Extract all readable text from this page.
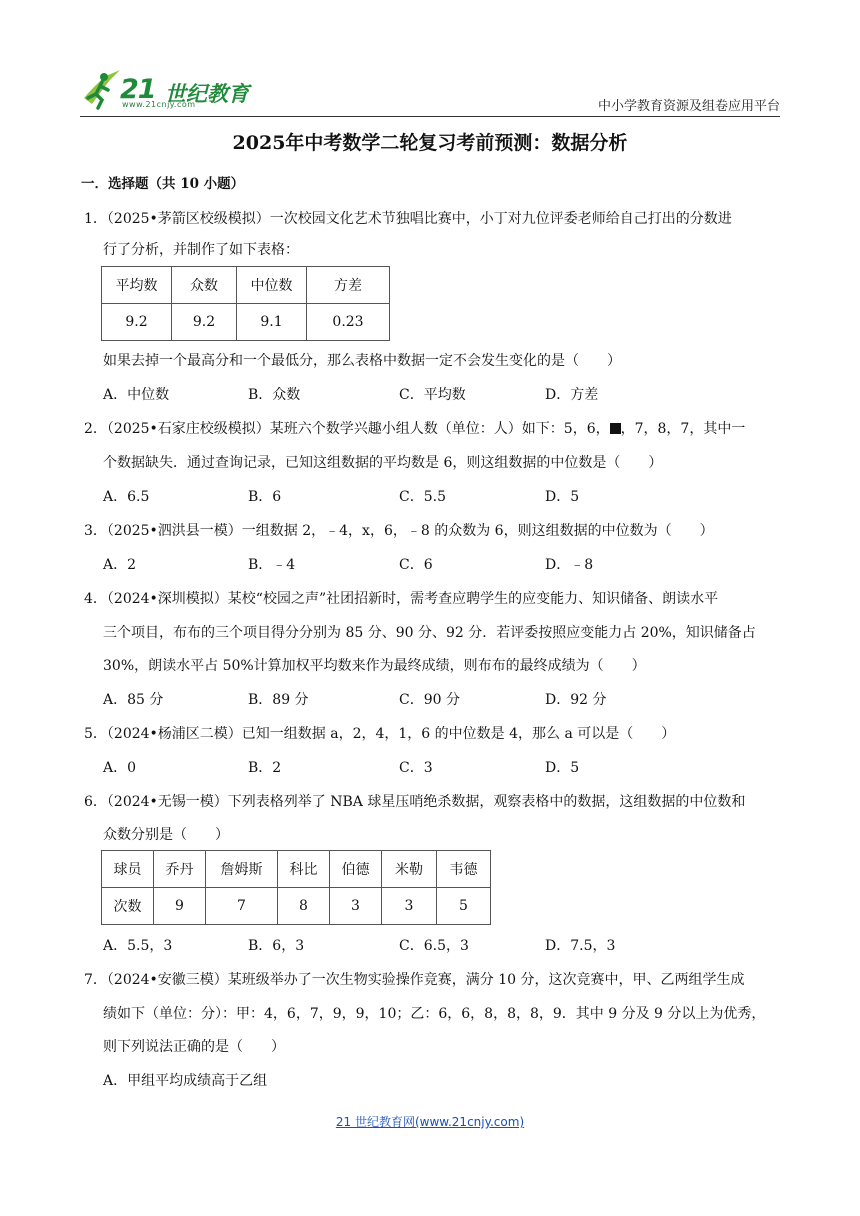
21 世纪教育
www.21cnjy.com	中小学教育资源及组卷应用平台
2025年中考数学二轮复习考前预测：数据分析
一．选择题（共 10 小题）
1．（2025•茅箭区校级模拟）一次校园文化艺术节独唱比赛中，小丁对九位评委老师给自己打出的分数进
行了分析，并制作了如下表格：
平均数	众数	中位数	方差
9.2	9.2	9.1	0.23
如果去掉一个最高分和一个最低分，那么表格中数据一定不会发生变化的是（　　）
A．中位数	B．众数	C．平均数	D．方差
2．（2025•石家庄校级模拟）某班六个数学兴趣小组人数（单位：人）如下：5，6， ，7，8，7，其中一
个数据缺失．通过查询记录，已知这组数据的平均数是 6，则这组数据的中位数是（　　）
A．6.5	B．6	C．5.5	D．5
3．（2025•泗洪县一模）一组数据 2，﹣4，x，6，﹣8 的众数为 6，则这组数据的中位数为（　　）
A．2	B．﹣4	C．6	D．﹣8
4．（2024•深圳模拟）某校“校园之声”社团招新时，需考查应聘学生的应变能力、知识储备、朗读水平
三个项目，布布的三个项目得分分别为 85 分、90 分、92 分．若评委按照应变能力占 20%，知识储备占
30%，朗读水平占 50%计算加权平均数来作为最终成绩，则布布的最终成绩为（　　）
A．85 分	B．89 分	C．90 分	D．92 分
5．（2024•杨浦区二模）已知一组数据 a，2，4，1，6 的中位数是 4，那么 a 可以是（　　）
A．0	B．2	C．3	D．5
6．（2024•无锡一模）下列表格列举了 NBA 球星压哨绝杀数据，观察表格中的数据，这组数据的中位数和
众数分别是（　　）
球员	乔丹	詹姆斯	科比	伯德	米勒	韦德
次数	9	7	8	3	3	5
A．5.5，3	B．6，3	C．6.5，3	D．7.5，3
7．（2024•安徽三模）某班级举办了一次生物实验操作竞赛，满分 10 分，这次竞赛中，甲、乙两组学生成
绩如下（单位：分）：甲：4，6，7，9，9，10；乙：6，6，8，8，8，9．其中 9 分及 9 分以上为优秀，
则下列说法正确的是（　　）
A．甲组平均成绩高于乙组
21 世纪教育网(www.21cnjy.com)
